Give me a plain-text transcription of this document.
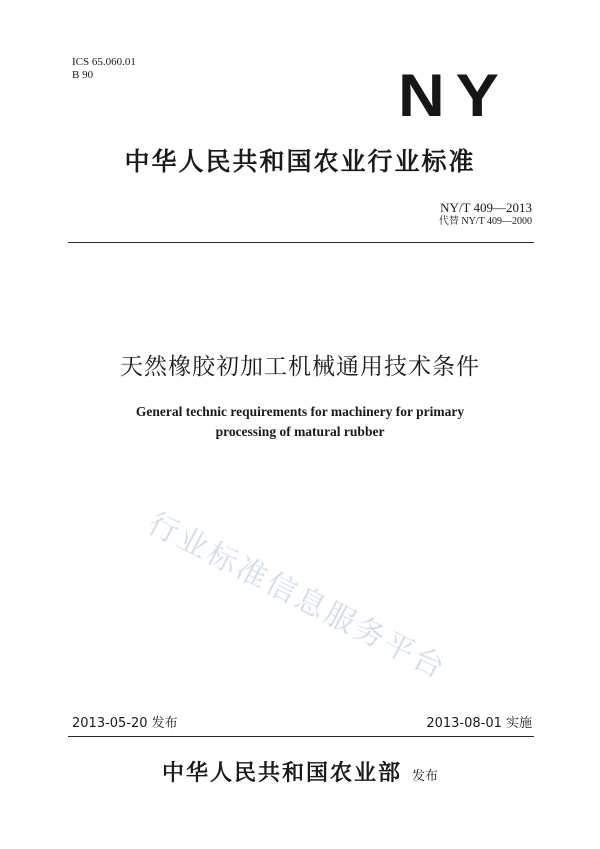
ICS 65.060.01
B 90	NY
中华人民共和国农业行业标准
NY/T 409—2013
代替 NY/T 409—2000
天然橡胶初加工机械通用技术条件
General technic requirements for machinery for primary
processing of matural rubber
行业标准信息服务平台
2013-05-20 发布	2013-08-01 实施
中华人民共和国农业部 发布
